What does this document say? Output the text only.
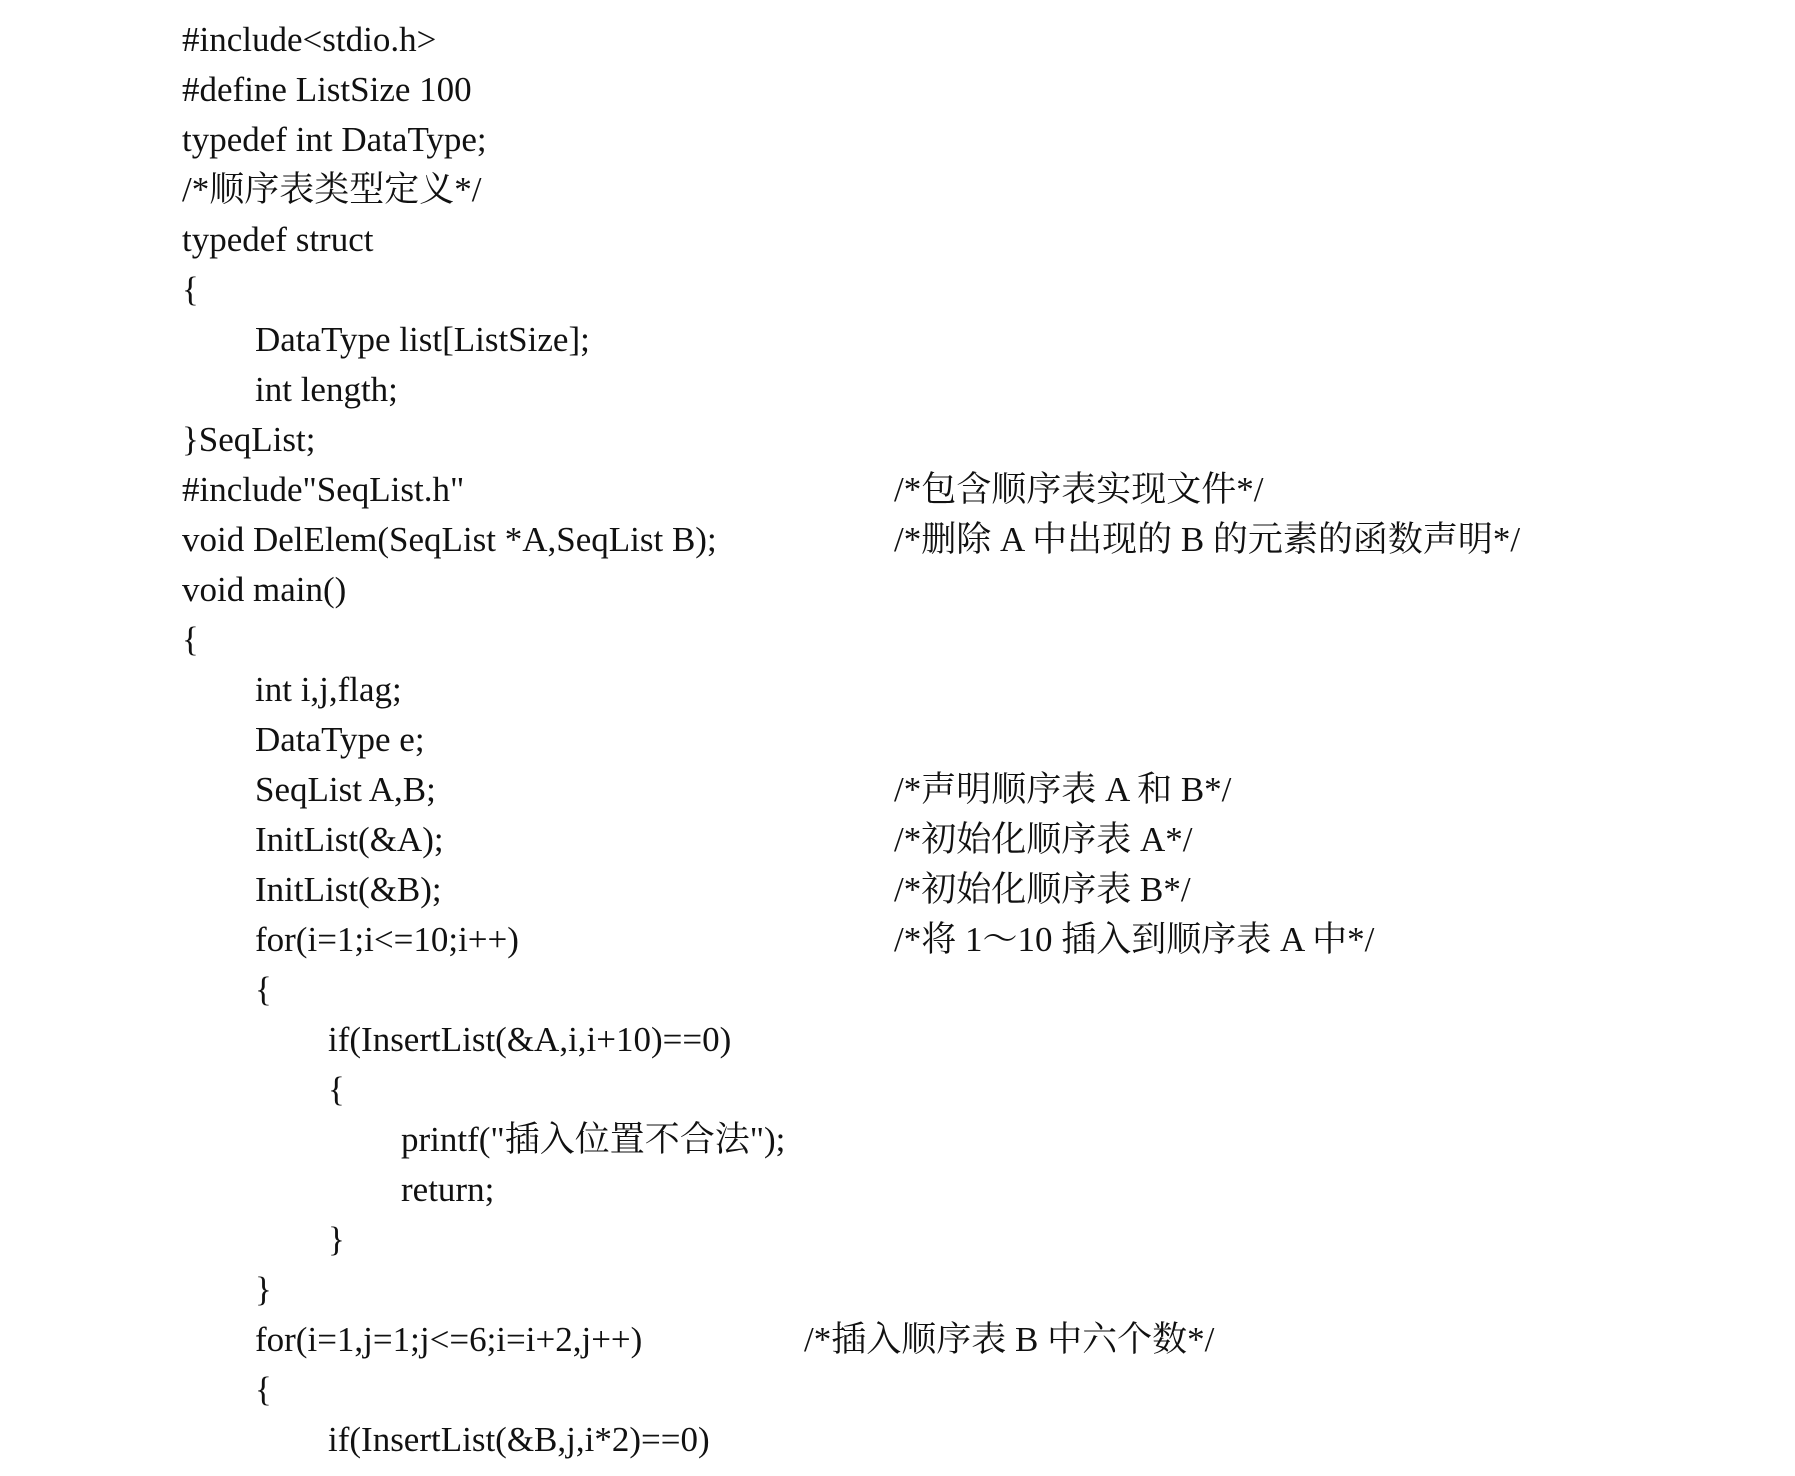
#include<stdio.h>
#define ListSize 100
typedef int DataType;
/*顺序表类型定义*/
typedef struct
{
DataType list[ListSize];
int length;
}SeqList;
#include"SeqList.h"	/*包含顺序表实现文件*/
void DelElem(SeqList *A,SeqList B);	/*删除 A 中出现的 B 的元素的函数声明*/
void main()
{
int i,j,flag;
DataType e;
SeqList A,B;	/*声明顺序表 A 和 B*/
InitList(&A);	/*初始化顺序表 A*/
InitList(&B);	/*初始化顺序表 B*/
for(i=1;i<=10;i++)	/*将 1～10 插入到顺序表 A 中*/
{
if(InsertList(&A,i,i+10)==0)
{
printf("插入位置不合法");
return;
}
}
for(i=1,j=1;j<=6;i=i+2,j++)	/*插入顺序表 B 中六个数*/
{
if(InsertList(&B,j,i*2)==0)
